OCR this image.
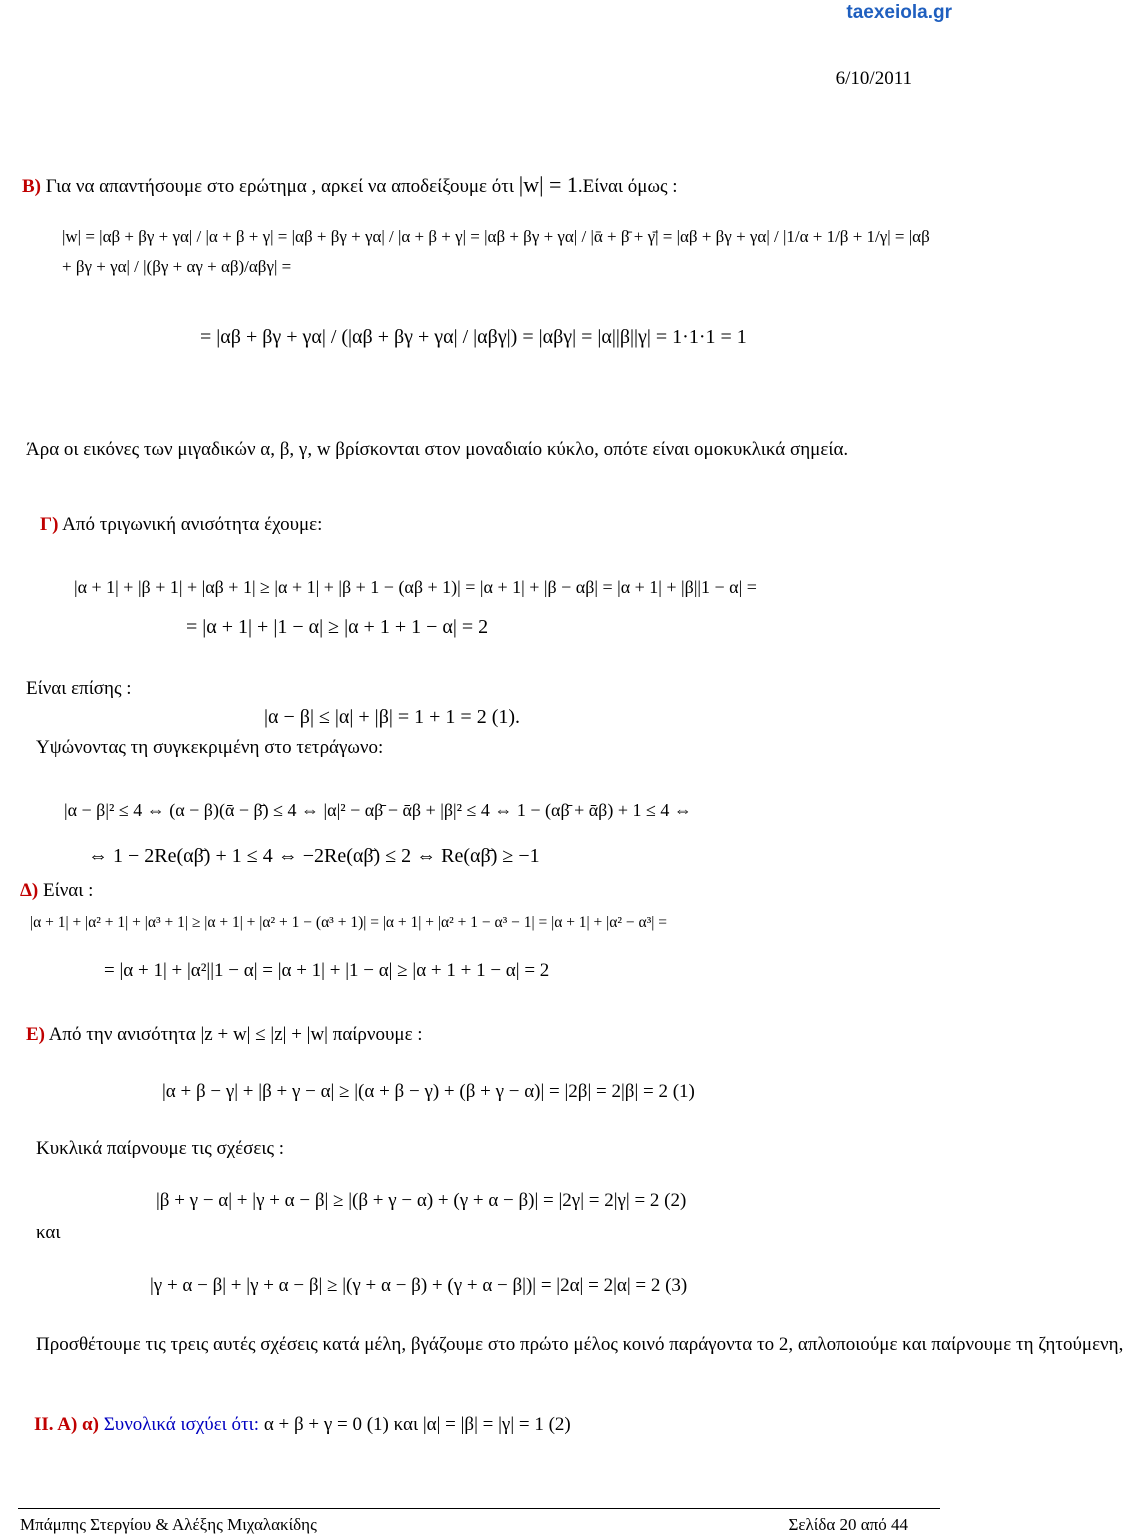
taexeiola.gr
6/10/2011
Β) Για να απαντήσουμε στο ερώτημα , αρκεί να αποδείξουμε ότι |w| = 1.Είναι όμως :
|w| = |αβ + βγ + γα| / |α + β + γ| = |αβ + βγ + γα| / |α + β + γ| = |αβ + βγ + γα| / |ᾱ + β̄ + γ̄| = |αβ + βγ + γα| / |1/α + 1/β + 1/γ| = |αβ + βγ + γα| / |(βγ + αγ + αβ)/αβγ| =
= |αβ + βγ + γα| / (|αβ + βγ + γα| / |αβγ|) = |αβγ| = |α||β||γ| = 1·1·1 = 1
Άρα οι εικόνες των μιγαδικών α, β, γ, w βρίσκονται στον μοναδιαίο κύκλο, οπότε είναι ομοκυκλικά σημεία.
Γ) Από τριγωνική ανισότητα έχουμε:
|α + 1| + |β + 1| + |αβ + 1| ≥ |α + 1| + |β + 1 − (αβ + 1)| = |α + 1| + |β − αβ| = |α + 1| + |β||1 − α| =
= |α + 1| + |1 − α| ≥ |α + 1 + 1 − α| = 2
Είναι επίσης :
|α − β| ≤ |α| + |β| = 1 + 1 = 2 (1).
Υψώνοντας τη συγκεκριμένη στο τετράγωνο:
|α − β|² ≤ 4 ⇔ (α − β)(ᾱ − β̄) ≤ 4 ⇔ |α|² − αβ̄ − ᾱβ + |β|² ≤ 4 ⇔ 1 − (αβ̄ + ᾱβ) + 1 ≤ 4 ⇔
⇔ 1 − 2Re(αβ̄) + 1 ≤ 4 ⇔ −2Re(αβ̄) ≤ 2 ⇔ Re(αβ̄) ≥ −1
Δ) Είναι :
|α + 1| + |α² + 1| + |α³ + 1| ≥ |α + 1| + |α² + 1 − (α³ + 1)| = |α + 1| + |α² + 1 − α³ − 1| = |α + 1| + |α² − α³| =
= |α + 1| + |α²||1 − α| = |α + 1| + |1 − α| ≥ |α + 1 + 1 − α| = 2
Ε) Από την ανισότητα |z + w| ≤ |z| + |w| παίρνουμε :
|α + β − γ| + |β + γ − α| ≥ |(α + β − γ) + (β + γ − α)| = |2β| = 2|β| = 2 (1)
Κυκλικά παίρνουμε τις σχέσεις :
|β + γ − α| + |γ + α − β| ≥ |(β + γ − α) + (γ + α − β)| = |2γ| = 2|γ| = 2 (2)
και
|γ + α − β| + |γ + α − β| ≥ |(γ + α − β) + (γ + α − β|)| = |2α| = 2|α| = 2 (3)
Προσθέτουμε τις τρεις αυτές σχέσεις κατά μέλη, βγάζουμε στο πρώτο μέλος κοινό παράγοντα το 2, απλοποιούμε και παίρνουμε τη ζητούμενη,
ΙΙ. Α) α) Συνολικά ισχύει ότι: α + β + γ = 0 (1) και |α| = |β| = |γ| = 1 (2)
Μπάμπης Στεργίου & Αλέξης Μιχαλακίδης	Σελίδα 20 από 44
